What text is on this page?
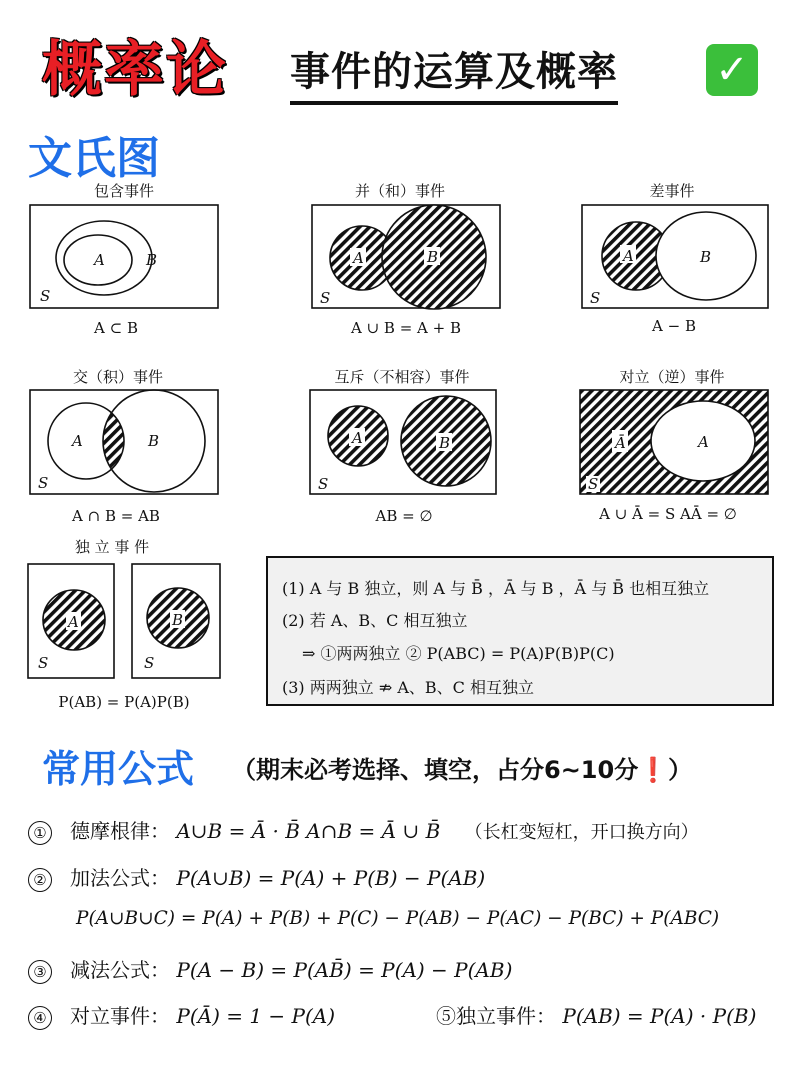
概率论 事件的运算及概率 ✓
文氏图
包含事件
A	B
S
A ⊂ B
并（和）事件
A	B
S
A ∪ B = A + B
差事件
A	B
S
A − B
交（积）事件
A	B
S
A ∩ B = AB
互斥（不相容）事件
A	B
S
AB = ∅
对立（逆）事件
Ā	A
S
A ∪ Ā = S AĀ = ∅
独 立 事 件
A	B
S	S
P(AB) = P(A)P(B)
(1) A 与 B 独立，则 A 与 B̄ ，Ā 与 B ，Ā 与 B̄ 也相互独立
(2) 若 A、B、C 相互独立
⇒ ①两两独立 ② P(ABC) = P(A)P(B)P(C)
(3) 两两独立 ⇏ A、B、C 相互独立
常用公式 （期末必考选择、填空，占分6~10分❗）
① 德摩根律： A∪B = Ā · B̄ A∩B = Ā ∪ B̄ （长杠变短杠，开口换方向）
② 加法公式： P(A∪B) = P(A) + P(B) − P(AB)
P(A∪B∪C) = P(A) + P(B) + P(C) − P(AB) − P(AC) − P(BC) + P(ABC)
③ 减法公式： P(A − B) = P(AB̄) = P(A) − P(AB)
④ 对立事件： P(Ā) = 1 − P(A)	⑤独立事件： P(AB) = P(A) · P(B)
